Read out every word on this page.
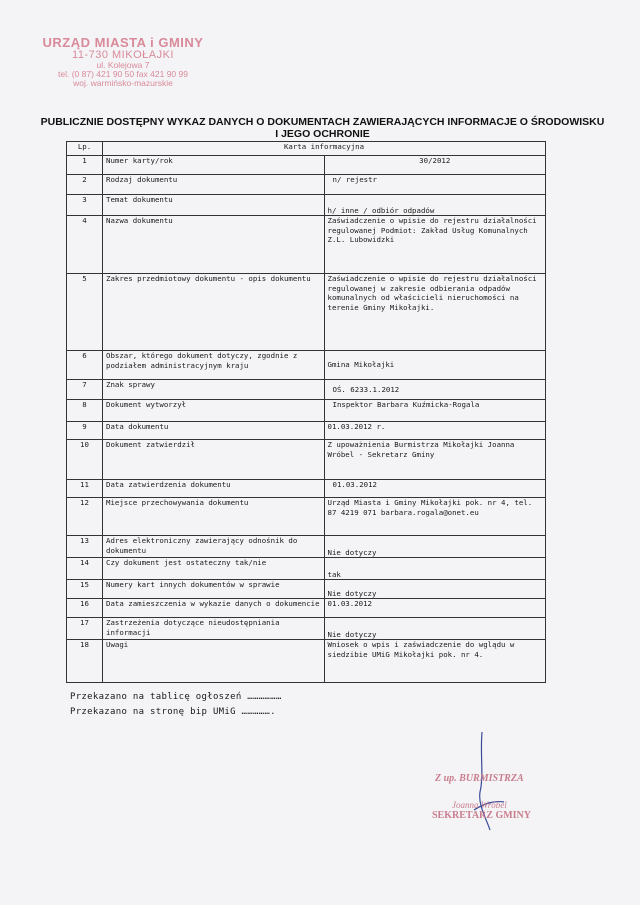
URZĄD MIASTA i GMINY
11-730 MIKOŁAJKI
ul. Kolejowa 7
tel. (0 87) 421 90 50 fax 421 90 99
woj. warmińsko-mazurskie
PUBLICZNIE DOSTĘPNY WYKAZ DANYCH O DOKUMENTACH ZAWIERAJĄCYCH INFORMACJE O ŚRODOWISKU I JEGO OCHRONIE
Lp.	Karta informacyjna	
1	Numer karty/rok	30/2012
2	Rodzaj dokumentu	n/ rejestr
3	Temat dokumentu	h/ inne / odbiór odpadów
4	Nazwa dokumentu	Zaświadczenie o wpisie do rejestru działalności regulowanej Podmiot: Zakład Usług Komunalnych Z.L. Lubowidzki
5	Zakres przedmiotowy dokumentu - opis dokumentu	Zaświadczenie o wpisie do rejestru działalności regulowanej w zakresie odbierania odpadów komunalnych od właścicieli nieruchomości na terenie Gminy Mikołajki.
6	Obszar, którego dokument dotyczy, zgodnie z podziałem administracyjnym kraju	Gmina Mikołajki
7	Znak sprawy	OŚ. 6233.1.2012
8	Dokument wytworzył	Inspektor Barbara Kuźmicka-Rogala
9	Data dokumentu	01.03.2012 r.
10	Dokument zatwierdził	Z upoważnienia Burmistrza Mikołajki Joanna Wróbel - Sekretarz Gminy
11	Data zatwierdzenia dokumentu	01.03.2012
12	Miejsce przechowywania dokumentu	Urząd Miasta i Gminy Mikołajki pok. nr 4, tel. 87 4219 071 barbara.rogala@onet.eu
13	Adres elektroniczny zawierający odnośnik do dokumentu	Nie dotyczy
14	Czy dokument jest ostateczny tak/nie	tak
15	Numery kart innych dokumentów w sprawie	Nie dotyczy
16	Data zamieszczenia w wykazie danych o dokumencie	01.03.2012
17	Zastrzeżenia dotyczące nieudostępniania informacji	Nie dotyczy
18	Uwagi	Wniosek o wpis i zaświadczenie do wglądu w siedzibie UMiG Mikołajki pok. nr 4.
Przekazano na tablicę ogłoszeń ………………
Przekazano na stronę bip UMiG …………….
Z up. BURMISTRZA
Joanna Wróbel
SEKRETARZ GMINY
